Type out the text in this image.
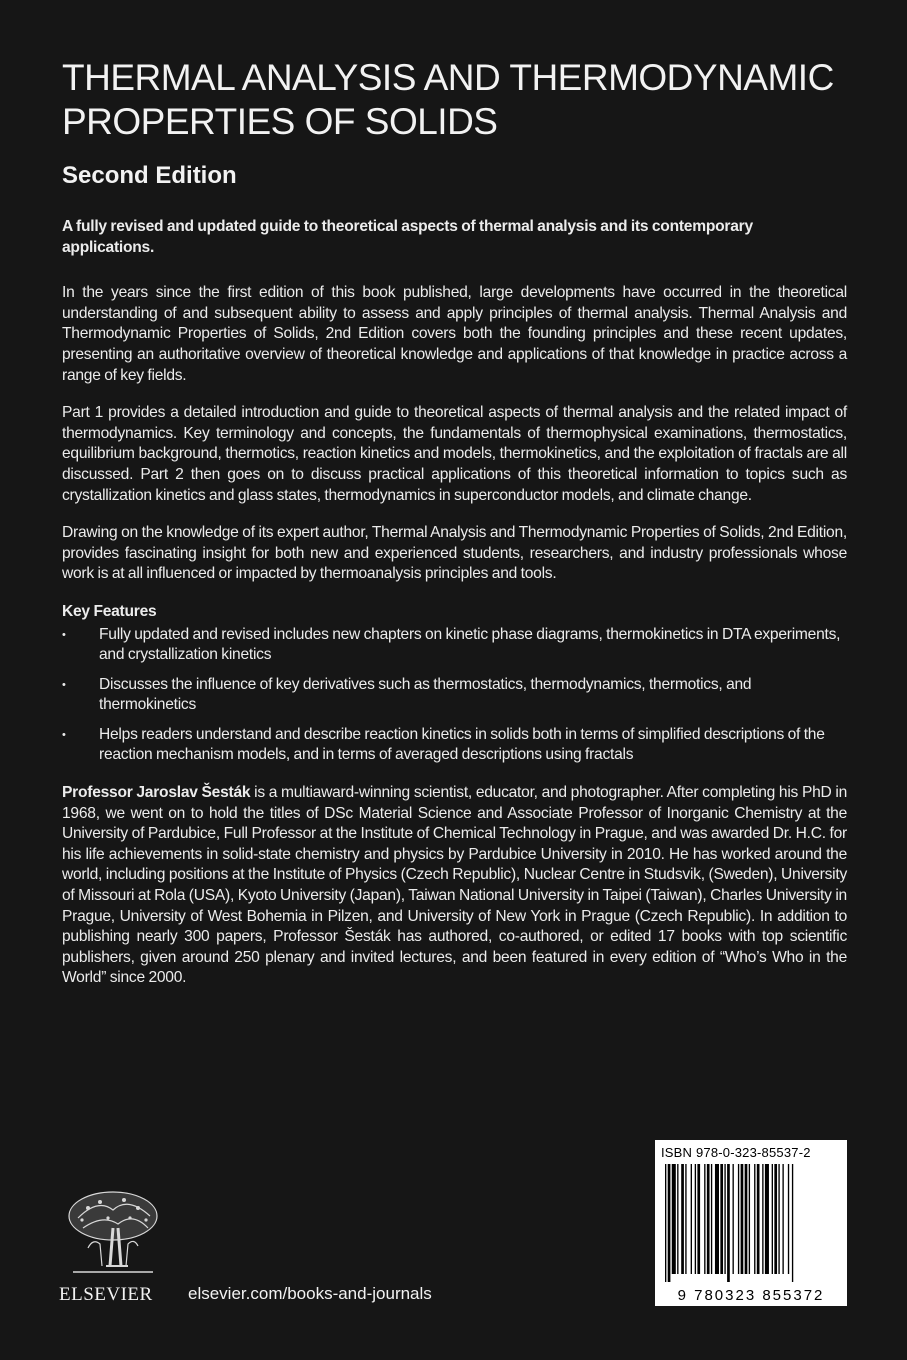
THERMAL ANALYSIS AND THERMODYNAMIC
PROPERTIES OF SOLIDS
Second Edition

A fully revised and updated guide to theoretical aspects of thermal analysis and its contemporary applications.

In the years since the first edition of this book published, large developments have occurred in the theoretical understanding of and subsequent ability to assess and apply principles of thermal analysis. Thermal Analysis and Thermodynamic Properties of Solids, 2nd Edition covers both the founding principles and these recent updates, presenting an authoritative overview of theoretical knowledge and applications of that knowledge in practice across a range of key fields.

Part 1 provides a detailed introduction and guide to theoretical aspects of thermal analysis and the related impact of thermodynamics. Key terminology and concepts, the fundamentals of thermophysical examinations, thermostatics, equilibrium background, thermotics, reaction kinetics and models, thermokinetics, and the exploitation of fractals are all discussed. Part 2 then goes on to discuss practical applications of this theoretical information to topics such as crystallization kinetics and glass states, thermodynamics in superconductor models, and climate change.

Drawing on the knowledge of its expert author, Thermal Analysis and Thermodynamic Properties of Solids, 2nd Edition, provides fascinating insight for both new and experienced students, researchers, and industry professionals whose work is at all influenced or impacted by thermoanalysis principles and tools.

Key Features
• Fully updated and revised includes new chapters on kinetic phase diagrams, thermokinetics in DTA experiments, and crystallization kinetics
• Discusses the influence of key derivatives such as thermostatics, thermodynamics, thermotics, and thermokinetics
• Helps readers understand and describe reaction kinetics in solids both in terms of simplified descriptions of the reaction mechanism models, and in terms of averaged descriptions using fractals

Professor Jaroslav Šesták is a multiaward-winning scientist, educator, and photographer. After completing his PhD in 1968, we went on to hold the titles of DSc Material Science and Associate Professor of Inorganic Chemistry at the University of Pardubice, Full Professor at the Institute of Chemical Technology in Prague, and was awarded Dr. H.C. for his life achievements in solid-state chemistry and physics by Pardubice University in 2010. He has worked around the world, including positions at the Institute of Physics (Czech Republic), Nuclear Centre in Studsvik, (Sweden), University of Missouri at Rola (USA), Kyoto University (Japan), Taiwan National University in Taipei (Taiwan), Charles University in Prague, University of West Bohemia in Pilzen, and University of New York in Prague (Czech Republic). In addition to publishing nearly 300 papers, Professor Šesták has authored, co-authored, or edited 17 books with top scientific publishers, given around 250 plenary and invited lectures, and been featured in every edition of “Who’s Who in the World” since 2000.

ELSEVIER elsevier.com/books-and-journals
ISBN 978-0-323-85537-2
9 780323 855372
